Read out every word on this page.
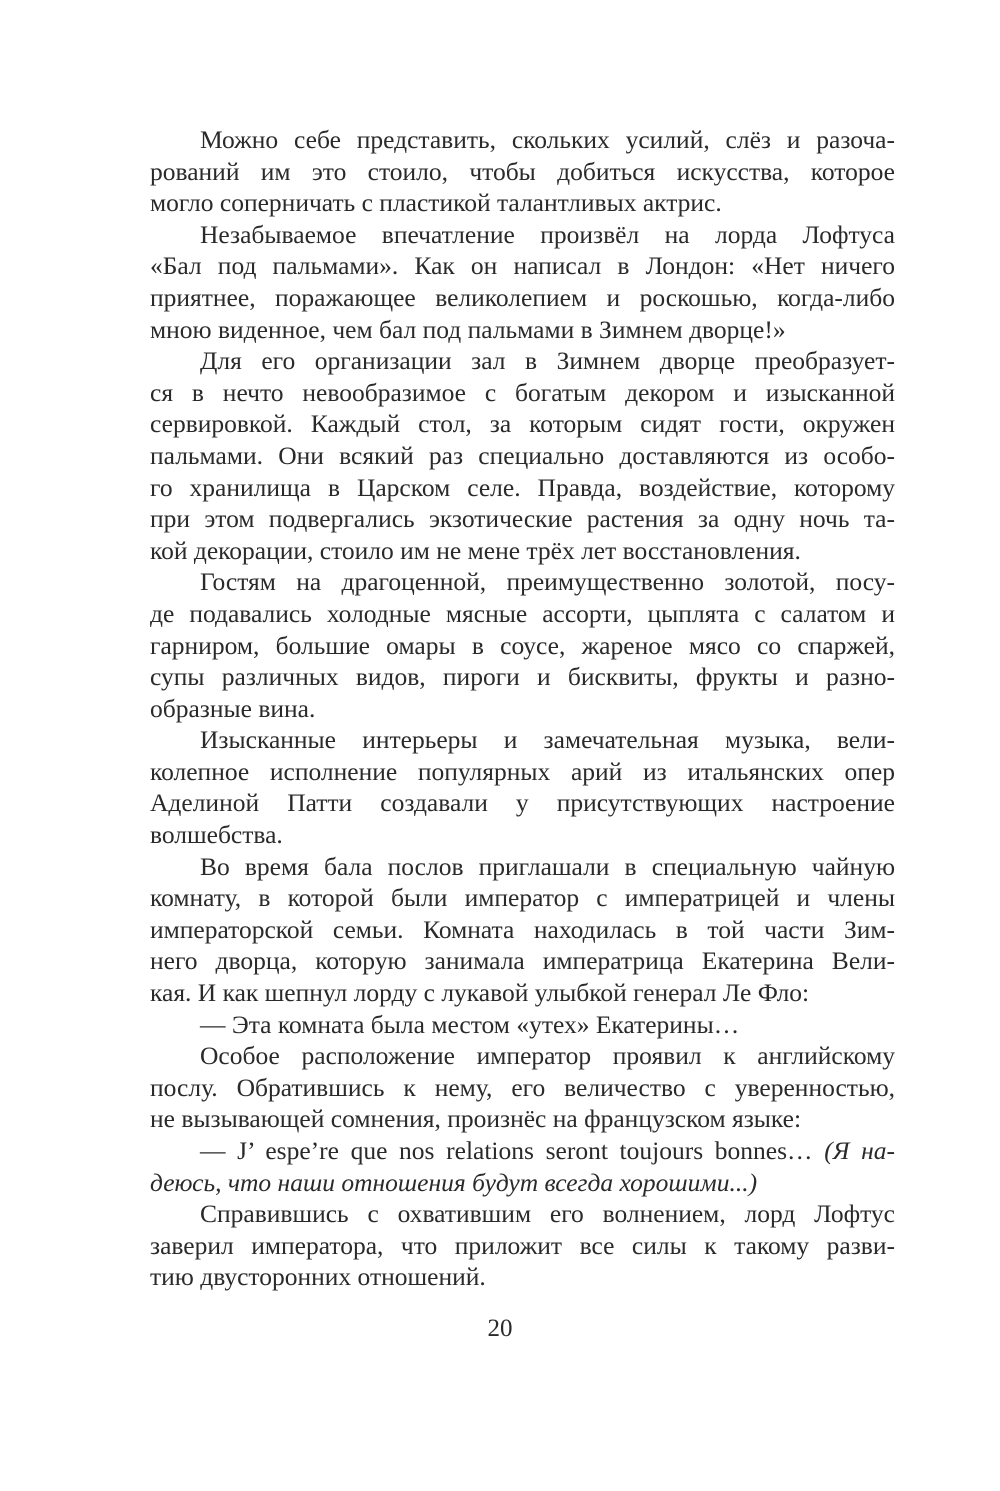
Можно себе представить, скольких усилий, слёз и разоча-
рований им это стоило, чтобы добиться искусства, которое
могло соперничать с пластикой талантливых актрис.
Незабываемое впечатление произвёл на лорда Лофтуса
«Бал под пальмами». Как он написал в Лондон: «Нет ничего
приятнее, поражающее великолепием и роскошью, когда-либо
мною виденное, чем бал под пальмами в Зимнем дворце!»
Для его организации зал в Зимнем дворце преобразует-
ся в нечто невообразимое с богатым декором и изысканной
сервировкой. Каждый стол, за которым сидят гости, окружен
пальмами. Они всякий раз специально доставляются из особо-
го хранилища в Царском селе. Правда, воздействие, которому
при этом подвергались экзотические растения за одну ночь та-
кой декорации, стоило им не мене трёх лет восстановления.
Гостям на драгоценной, преимущественно золотой, посу-
де подавались холодные мясные ассорти, цыплята с салатом и
гарниром, большие омары в соусе, жареное мясо со спаржей,
супы различных видов, пироги и бисквиты, фрукты и разно-
образные вина.
Изысканные интерьеры и замечательная музыка, вели-
колепное исполнение популярных арий из итальянских опер
Аделиной Патти создавали у присутствующих настроение
волшебства.
Во время бала послов приглашали в специальную чайную
комнату, в которой были император с императрицей и члены
императорской семьи. Комната находилась в той части Зим-
него дворца, которую занимала императрица Екатерина Вели-
кая. И как шепнул лорду с лукавой улыбкой генерал Ле Фло:
— Эта комната была местом «утех» Екатерины…
Особое расположение император проявил к английскому
послу. Обратившись к нему, его величество с уверенностью,
не вызывающей сомнения, произнёс на французском языке:
— J’ espe’re que nos relations seront toujours bonnes… (Я на-
деюсь, что наши отношения будут всегда хорошими...)
Справившись с охватившим его волнением, лорд Лофтус
заверил императора, что приложит все силы к такому разви-
тию двусторонних отношений.
20
